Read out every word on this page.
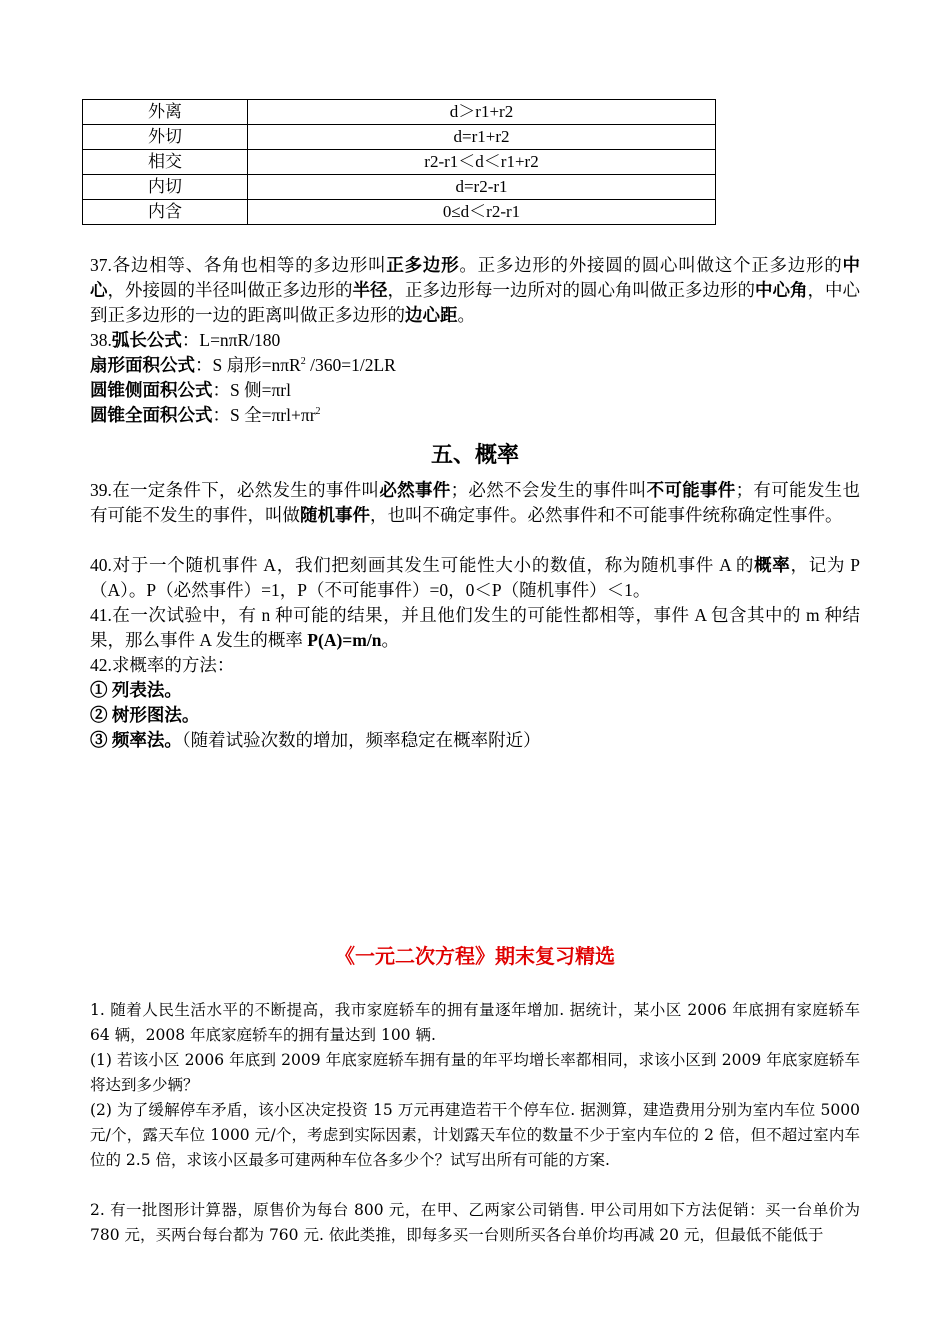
外离	d＞r1+r2
外切	d=r1+r2
相交	r2-r1＜d＜r1+r2
内切	d=r2-r1
内含	0≤d＜r2-r1

37.各边相等、各角也相等的多边形叫正多边形。正多边形的外接圆的圆心叫做这个正多边形的中心，外接圆的半径叫做正多边形的半径，正多边形每一边所对的圆心角叫做正多边形的中心角，中心到正多边形的一边的距离叫做正多边形的边心距。

38.弧长公式：L=nπR/180

扇形面积公式：S 扇形=nπR$^2$ /360=1/2LR

圆锥侧面积公式：S 侧=πrl

圆锥全面积公式：S 全$=\pi rl+\pi r^2$

五、概率

39.在一定条件下，必然发生的事件叫必然事件；必然不会发生的事件叫不可能事件；有可能发生也有可能不发生的事件，叫做随机事件，也叫不确定事件。必然事件和不可能事件统称确定性事件。

40.对于一个随机事件 A，我们把刻画其发生可能性大小的数值，称为随机事件 A 的概率，记为 P（A）。P（必然事件）=1，P（不可能事件）=0，0＜P（随机事件）＜1。

41.在一次试验中，有 n 种可能的结果，并且他们发生的可能性都相等，事件 A 包含其中的 m 种结果，那么事件 A 发生的概率 P(A)=m/n。

42.求概率的方法：

① 列表法。

② 树形图法。

③ 频率法。（随着试验次数的增加，频率稳定在概率附近）

《一元二次方程》期末复习精选

1. 随着人民生活水平的不断提高，我市家庭轿车的拥有量逐年增加. 据统计，某小区 2006 年底拥有家庭轿车 64 辆，2008 年底家庭轿车的拥有量达到 100 辆.

(1) 若该小区 2006 年底到 2009 年底家庭轿车拥有量的年平均增长率都相同，求该小区到 2009 年底家庭轿车将达到多少辆？

(2) 为了缓解停车矛盾，该小区决定投资 15 万元再建造若干个停车位. 据测算，建造费用分别为室内车位 5000 元/个，露天车位 1000 元/个，考虑到实际因素，计划露天车位的数量不少于室内车位的 2 倍，但不超过室内车位的 2.5 倍，求该小区最多可建两种车位各多少个？试写出所有可能的方案.

2. 有一批图形计算器，原售价为每台 800 元，在甲、乙两家公司销售. 甲公司用如下方法促销：买一台单价为 780 元，买两台每台都为 760 元. 依此类推，即每多买一台则所买各台单价均再减 20 元，但最低不能低于
